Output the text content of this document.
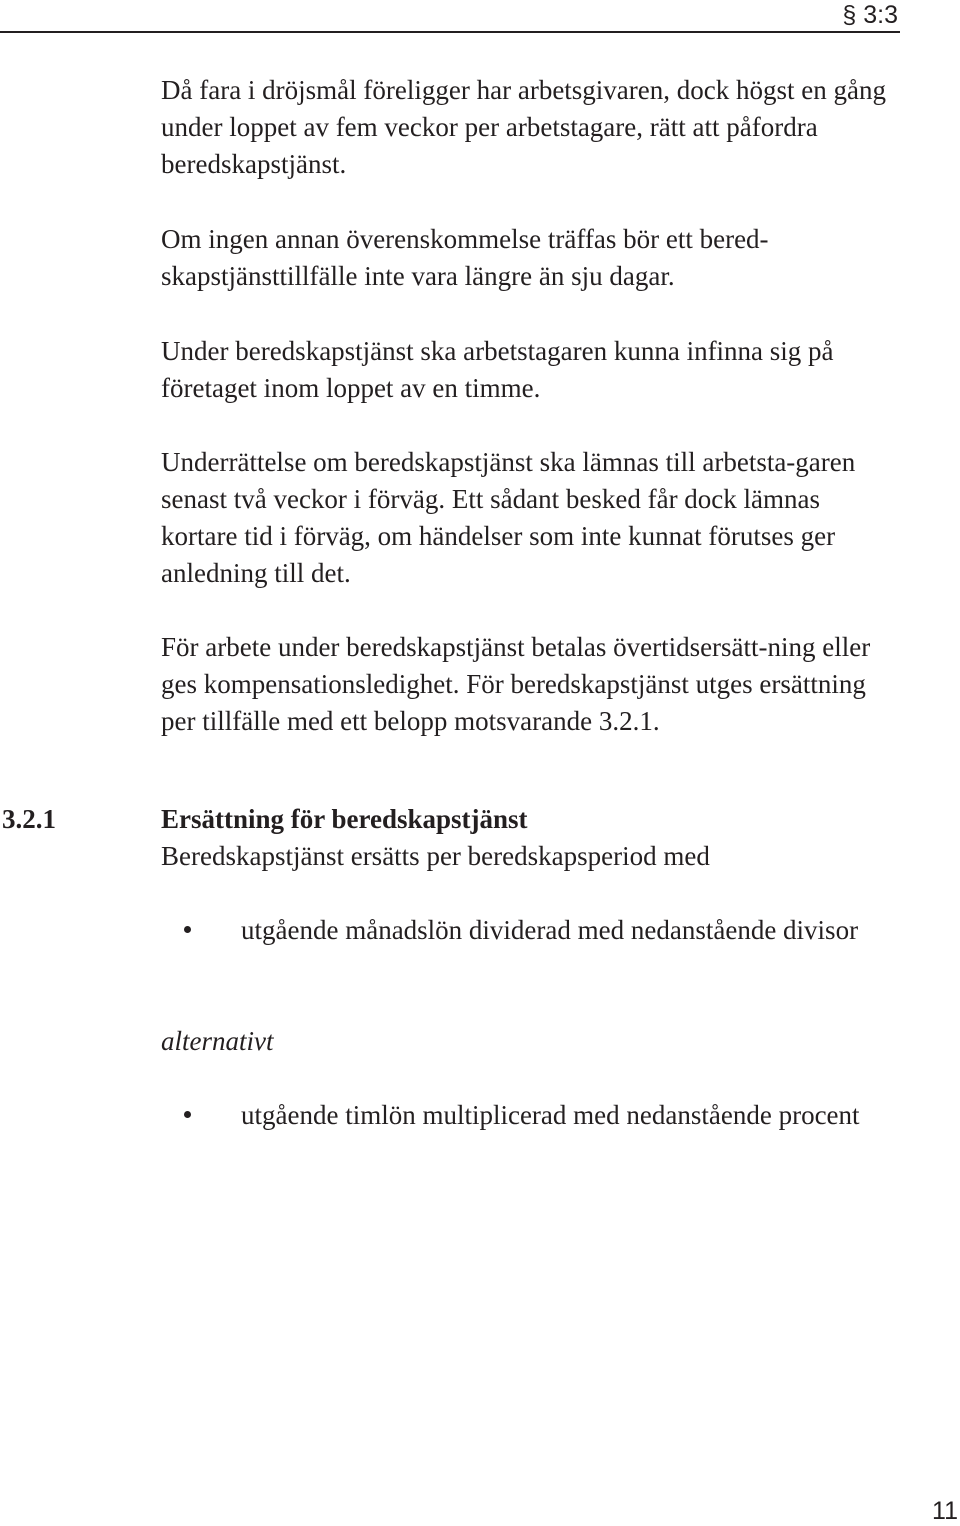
§ 3:3

Då fara i dröjsmål föreligger har arbetsgivaren, dock högst en gång under loppet av fem veckor per arbetstagare, rätt att påfordra beredskapstjänst.

Om ingen annan överenskommelse träffas bör ett bered-skapstjänsttillfälle inte vara längre än sju dagar.

Under beredskapstjänst ska arbetstagaren kunna infinna sig på företaget inom loppet av en timme.

Underrättelse om beredskapstjänst ska lämnas till arbetsta-garen senast två veckor i förväg. Ett sådant besked får dock lämnas kortare tid i förväg, om händelser som inte kunnat förutses ger anledning till det.

För arbete under beredskapstjänst betalas övertidsersätt-ning eller ges kompensationsledighet. För beredskapstjänst utges ersättning per tillfälle med ett belopp motsvarande 3.2.1.

3.2.1	Ersättning för beredskapstjänst

Beredskapstjänst ersätts per beredskapsperiod med

utgående månadslön dividerad med nedanstående divisor
alternativt
utgående timlön multiplicerad med nedanstående procent
11
